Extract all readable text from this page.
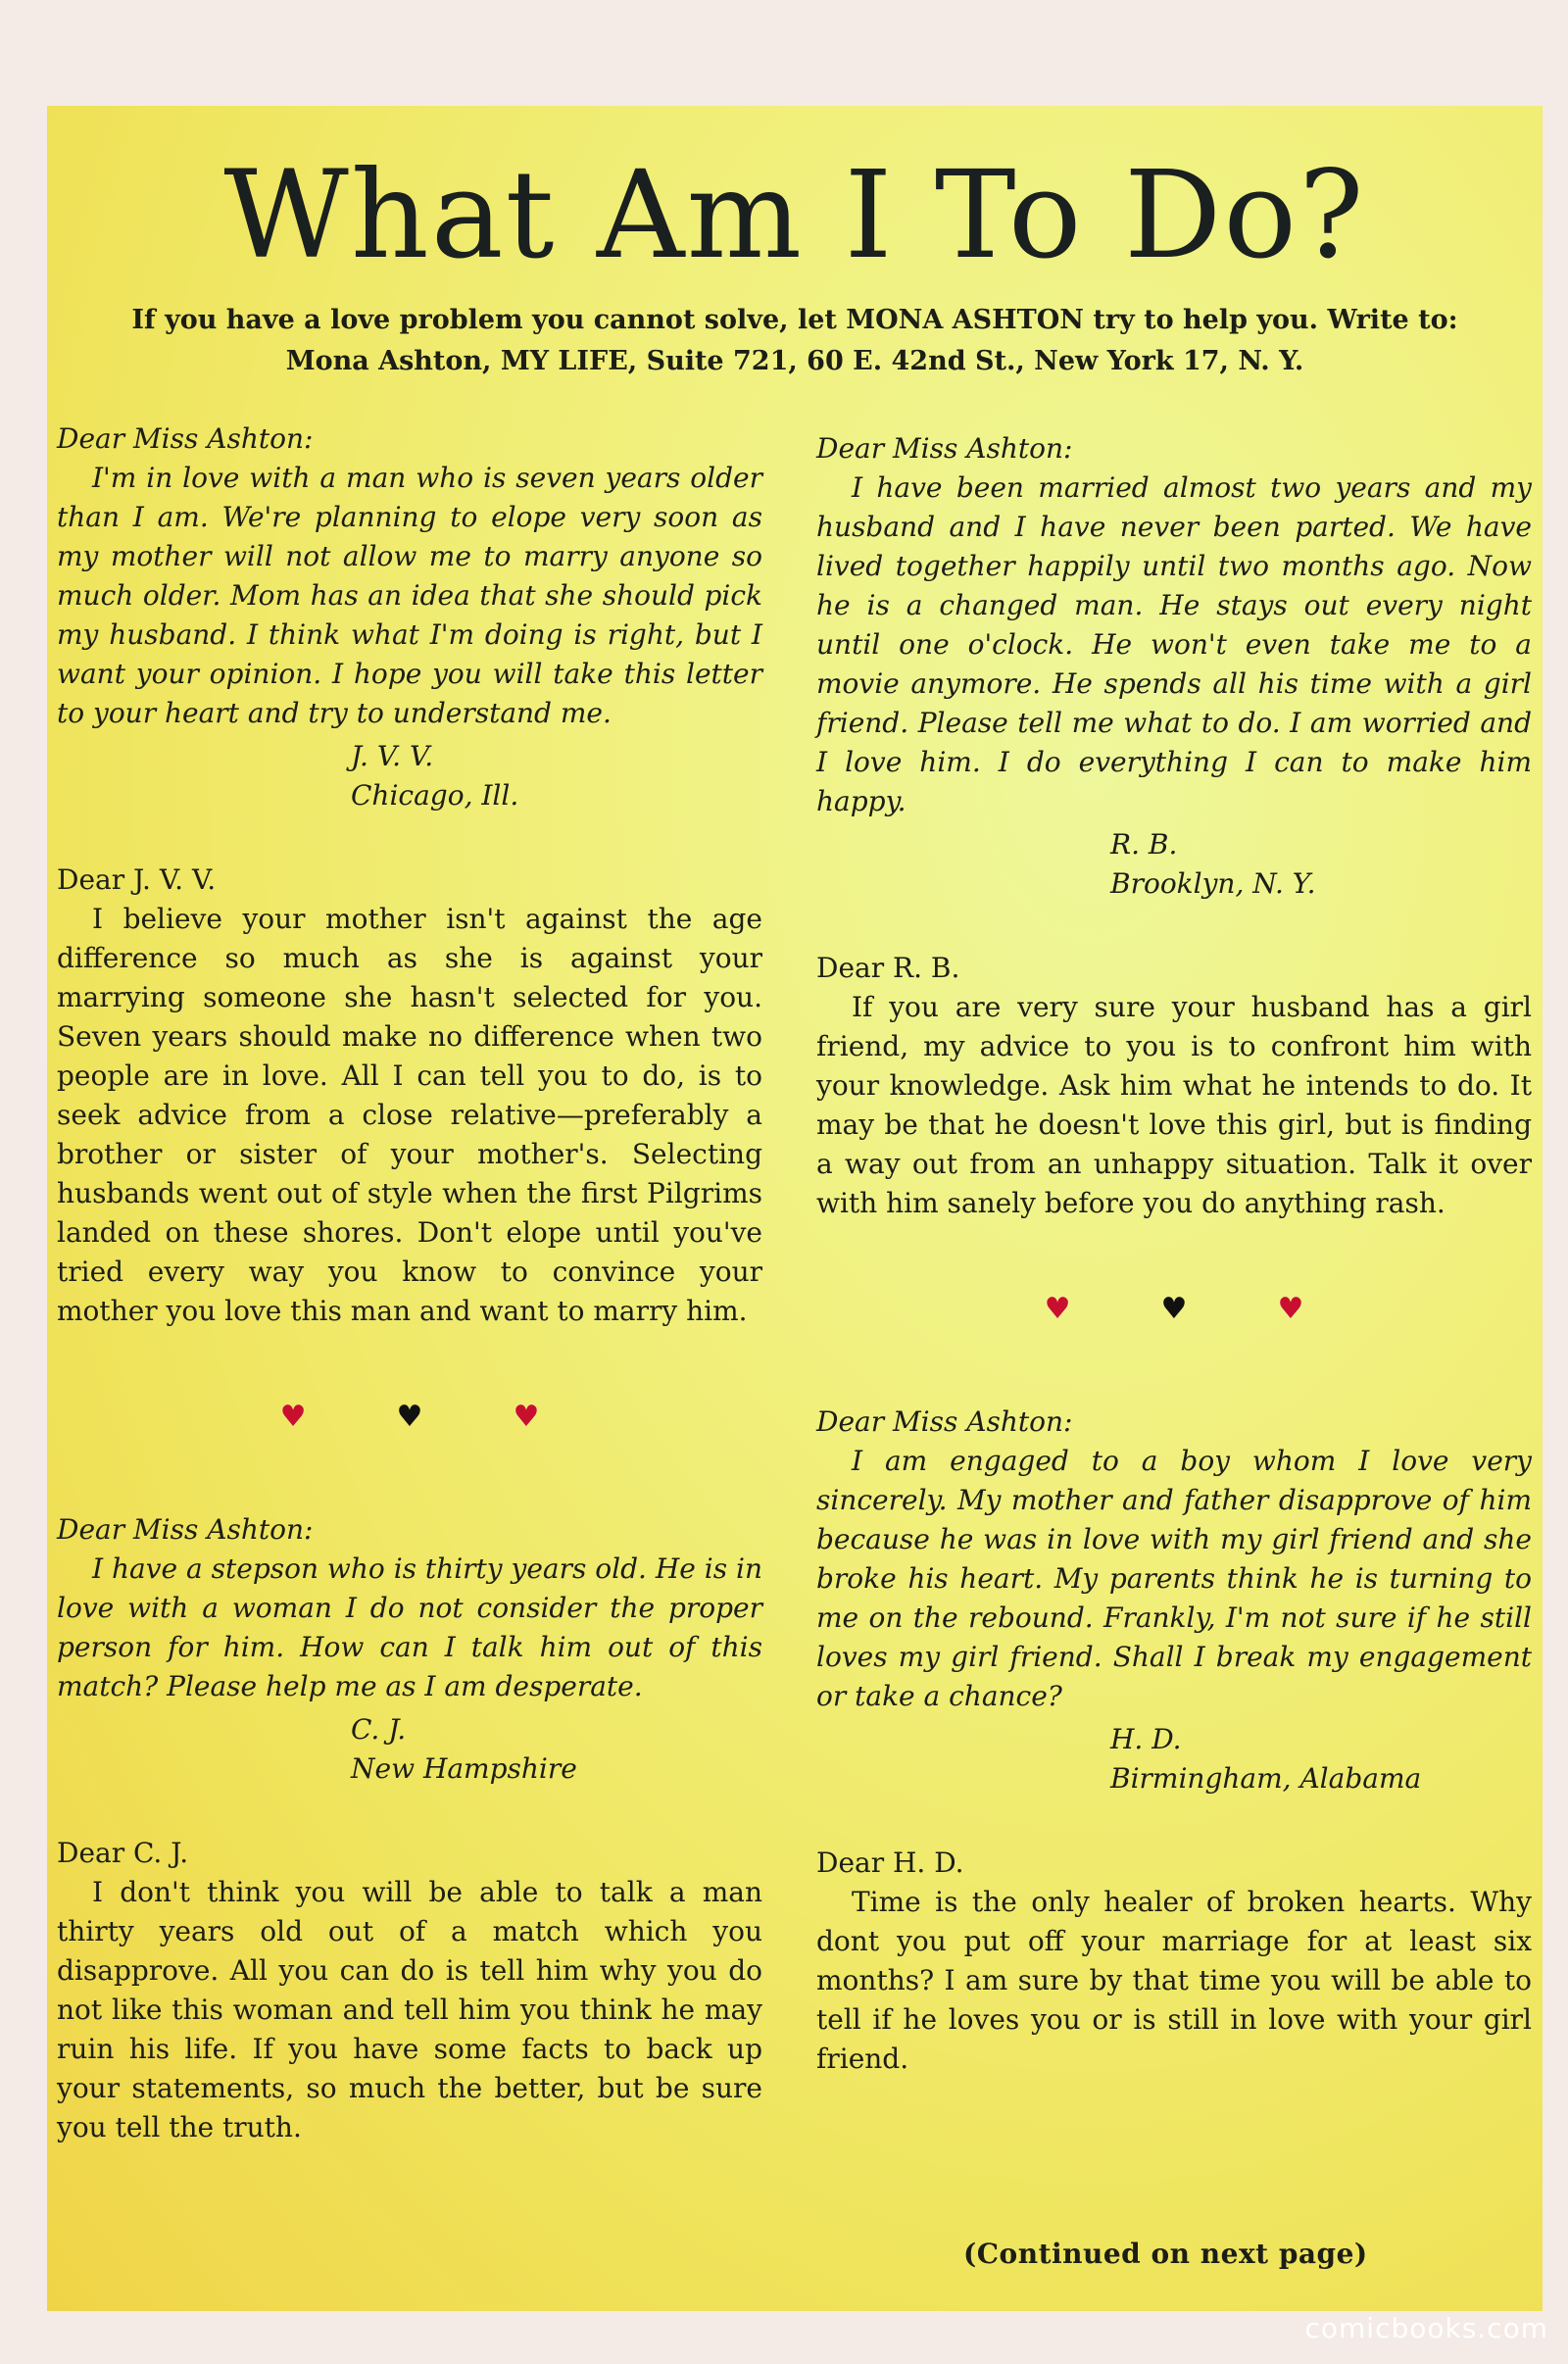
What Am I To Do?
If you have a love problem you cannot solve, let MONA ASHTON try to help you. Write to:
Mona Ashton, MY LIFE, Suite 721, 60 E. 42nd St., New York 17, N. Y.

Dear Miss Ashton:

I'm in love with a man who is seven years older than I am. We're planning to elope very soon as my mother will not allow me to marry anyone so much older. Mom has an idea that she should pick my husband. I think what I'm doing is right, but I want your opinion. I hope you will take this letter to your heart and try to understand me.

J. V. V.
Chicago, Ill.

Dear J. V. V.

I believe your mother isn't against the age difference so much as she is against your marrying someone she hasn't selected for you. Seven years should make no difference when two people are in love. All I can tell you to do, is to seek advice from a close relative—preferably a brother or sister of your mother's. Selecting husbands went out of style when the first Pilgrims landed on these shores. Don't elope until you've tried every way you know to convince your mother you love this man and want to marry him.

♥	♥	♥

Dear Miss Ashton:

I have a stepson who is thirty years old. He is in love with a woman I do not consider the proper person for him. How can I talk him out of this match? Please help me as I am desperate.

C. J.
New Hampshire

Dear C. J.

I don't think you will be able to talk a man thirty years old out of a match which you disapprove. All you can do is tell him why you do not like this woman and tell him you think he may ruin his life. If you have some facts to back up your statements, so much the better, but be sure you tell the truth.

Dear Miss Ashton:

I have been married almost two years and my husband and I have never been parted. We have lived together happily until two months ago. Now he is a changed man. He stays out every night until one o'clock. He won't even take me to a movie anymore. He spends all his time with a girl friend. Please tell me what to do. I am worried and I love him. I do everything I can to make him happy.

R. B.
Brooklyn, N. Y.

Dear R. B.

If you are very sure your husband has a girl friend, my advice to you is to confront him with your knowledge. Ask him what he intends to do. It may be that he doesn't love this girl, but is finding a way out from an unhappy situation. Talk it over with him sanely before you do anything rash.

♥	♥	♥

Dear Miss Ashton:

I am engaged to a boy whom I love very sincerely. My mother and father disapprove of him because he was in love with my girl friend and she broke his heart. My parents think he is turning to me on the rebound. Frankly, I'm not sure if he still loves my girl friend. Shall I break my engagement or take a chance?

H. D.
Birmingham, Alabama

Dear H. D.

Time is the only healer of broken hearts. Why dont you put off your marriage for at least six months? I am sure by that time you will be able to tell if he loves you or is still in love with your girl friend.

(Continued on next page)
comicbooks.com
